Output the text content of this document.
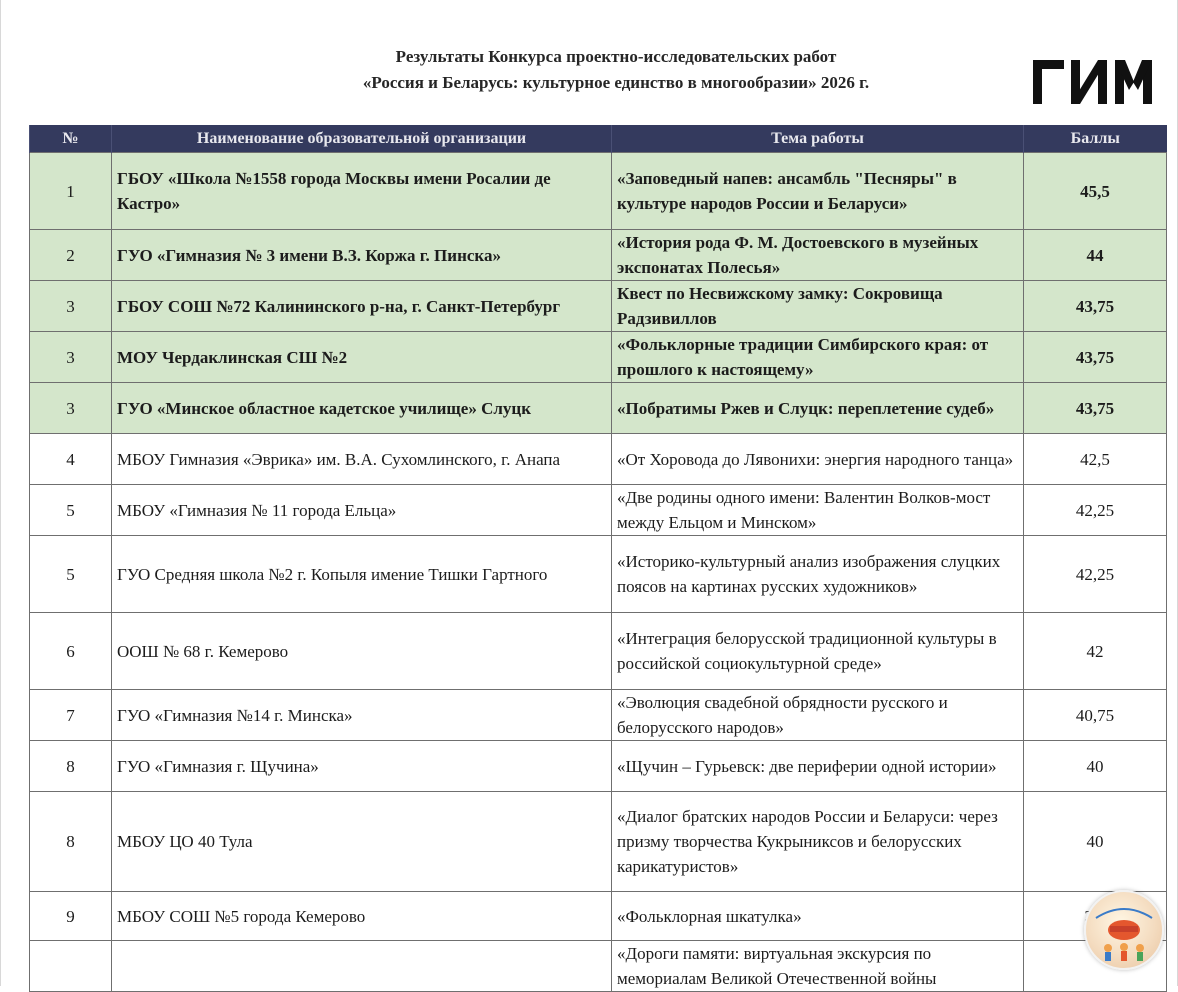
Результаты Конкурса проектно-исследовательских работ
«Россия и Беларусь: культурное единство в многообразии» 2026 г.
№	Наименование образовательной организации	Тема работы	Баллы
1	ГБОУ «Школа №1558 города Москвы имени Росалии де Кастро»	«Заповедный напев: ансамбль "Песняры" в культуре народов России и Беларуси»	45,5
2	ГУО «Гимназия № 3 имени В.З. Коржа г. Пинска»	«История рода Ф. М. Достоевского в музейных экспонатах Полесья»	44
3	ГБОУ СОШ №72 Калининского р-на, г. Санкт-Петербург	Квест по Несвижскому замку: Сокровища Радзивиллов	43,75
3	МОУ Чердаклинская СШ №2	«Фольклорные традиции Симбирского края: от прошлого к настоящему»	43,75
3	ГУО «Минское областное кадетское училище» Слуцк	«Побратимы Ржев и Слуцк: переплетение судеб»	43,75
4	МБОУ Гимназия «Эврика» им. В.А. Сухомлинского, г. Анапа	«От Хоровода до Лявонихи: энергия народного танца»	42,5
5	МБОУ «Гимназия № 11 города Ельца»	«Две родины одного имени: Валентин Волков-мост между Ельцом и Минском»	42,25
5	ГУО Средняя школа №2 г. Копыля имение Тишки Гартного	«Историко-культурный анализ изображения слуцких поясов на картинах русских художников»	42,25
6	ООШ № 68 г. Кемерово	«Интеграция белорусской традиционной культуры в российской социокультурной среде»	42
7	ГУО «Гимназия №14 г. Минска»	«Эволюция свадебной обрядности русского и белорусского народов»	40,75
8	ГУО «Гимназия г. Щучина»	«Щучин – Гурьевск: две периферии одной истории»	40
8	МБОУ ЦО 40 Тула	«Диалог братских народов России и Беларуси: через призму творчества Кукрыниксов и белорусских карикатуристов»	40
9	МБОУ СОШ №5 города Кемерово	«Фольклорная шкатулка»	
		«Дороги памяти: виртуальная экскурсия по мемориалам Великой Отечественной войны	
